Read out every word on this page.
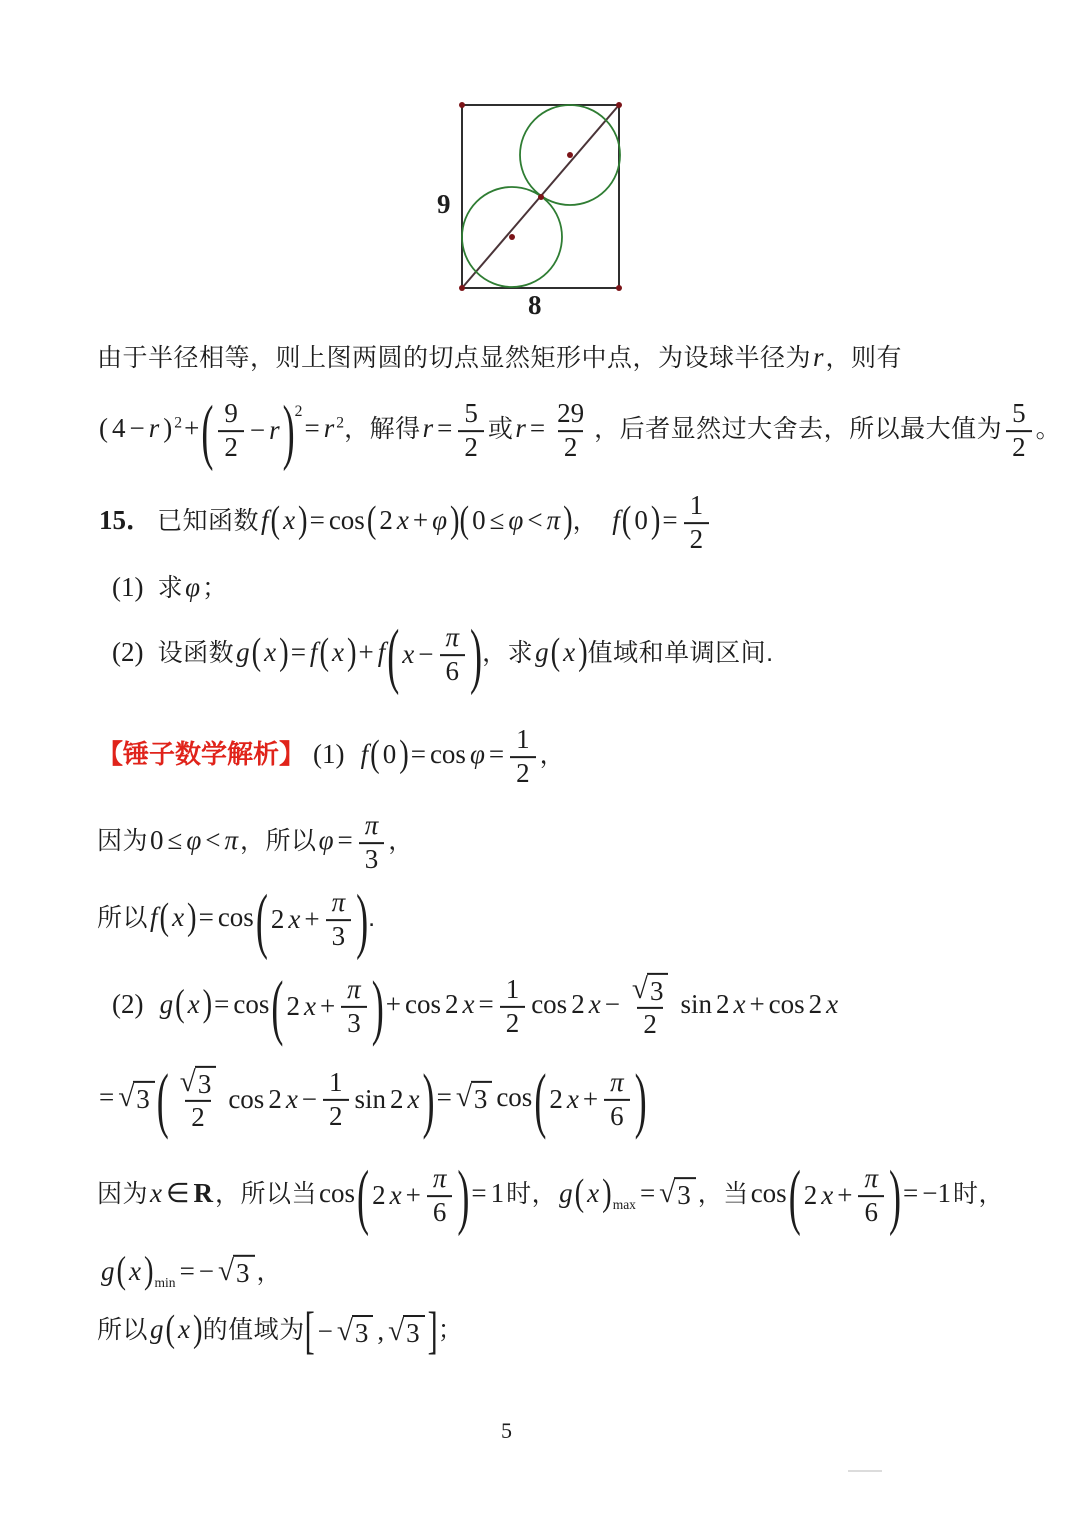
9
8
由于半径相等，则上图两圆的切点显然矩形中点，为设球半径为r，则有
( 4 − r ) $^2$+ ( $\frac{9}{2} - r$ ) $^2$= r $^2$，解得$r = \frac{5}{2}$ 或$r = \frac{29}{2}$ ，后者显然过大舍去，所以最大值为 $\frac{5}{2}$ 。
15． 已知函数f ( x ) = cos ( 2 x + φ ) ( 0 ≤ φ < π ) ， f ( 0 ) = $\frac{1}{2}$
(1) 求φ；
(2) 设函数g ( x ) = f ( x ) + f ( $x - \frac{\pi}{6}$ ) ，求g ( x ) 值域和单调区间.
【锤子数学解析】 (1) f ( 0 ) = $\cos \varphi = \frac{1}{2}$ ，
因为0 ≤ φ < π，所以$\varphi = \frac{\pi}{3}$ ，
所以f ( x ) = cos ( 2 $x + \frac{\pi}{3}$ ) .
(2) g ( x ) = cos ( 2 $x + \frac{\pi}{3}$ ) + cos 2 $x = \frac{1}{2}$ cos 2 $x - \frac{√ 3}{2}$ sin 2 x + cos 2 x
= √ 3 ( $\frac{√ 3}{2}$ cos 2 $x - \frac{1}{2}$ sin 2 x ) = √ 3 cos ( 2 $x + \frac{\pi}{6}$ )
因为x ∈ R，所以当cos ( 2 $x + \frac{\pi}{6}$ ) = 1时，g ( x ) $_{max}$ = √ 3 ，当cos ( 2 $x + \frac{\pi}{6}$ ) = −1时，
g ( x ) $_{min}$ = − √ 3 ，
所以g ( x ) 的值域为 [ − √ 3 , √ 3 ] ；
5
